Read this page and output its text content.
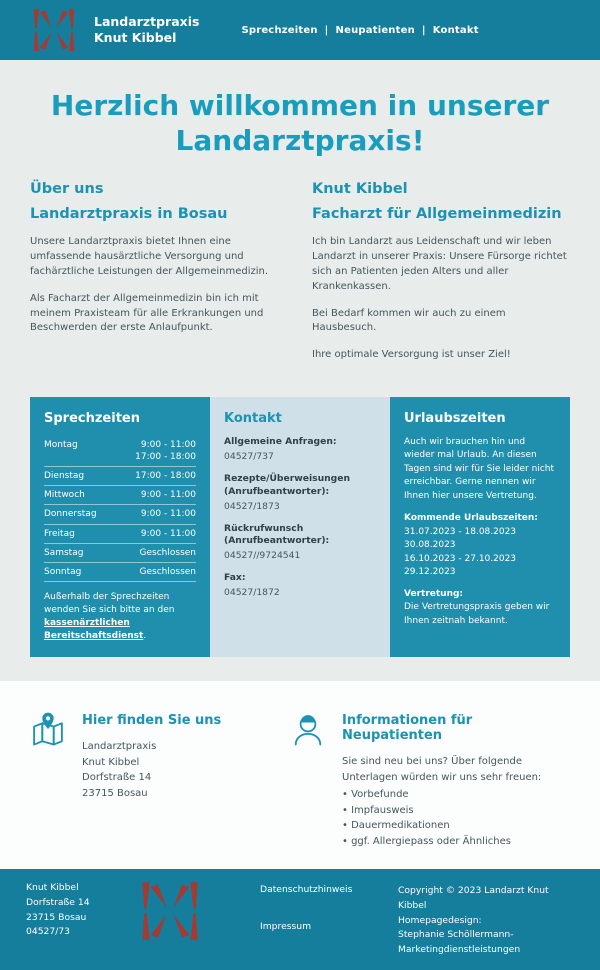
Landarztpraxis
Knut Kibbel	Sprechzeiten | Neupatienten | Kontakt
Herzlich willkommen in unserer
Landarztpraxis!
Über uns
Landarztpraxis in Bosau

Unsere Landarztpraxis bietet Ihnen eine umfassende hausärztliche Versorgung und fachärztliche Leistungen der Allgemeinmedizin.

Als Facharzt der Allgemeinmedizin bin ich mit meinem Praxisteam für alle Erkrankungen und Beschwerden der erste Anlaufpunkt.

Knut Kibbel
Facharzt für Allgemeinmedizin

Ich bin Landarzt aus Leidenschaft und wir leben Landarzt in unserer Praxis: Unsere Fürsorge richtet sich an Patienten jeden Alters und aller Krankenkassen.

Bei Bedarf kommen wir auch zu einem Hausbesuch.

Ihre optimale Versorgung ist unser Ziel!

Sprechzeiten
Montag	9:00 - 11:00
17:00 - 18:00
Dienstag	17:00 - 18:00
Mittwoch	9:00 - 11:00
Donnerstag	9:00 - 11:00
Freitag	9:00 - 11:00
Samstag	Geschlossen
Sonntag	Geschlossen
Außerhalb der Sprechzeiten wenden Sie sich bitte an den kassenärztlichen Bereitschaftsdienst.
Kontakt
Allgemeine Anfragen:
04527/737
Rezepte/Überweisungen (Anrufbeantworter):
04527/1873
Rückrufwunsch (Anrufbeantworter):
04527//9724541
Fax:
04527/1872
Urlaubszeiten
Auch wir brauchen hin und wieder mal Urlaub. An diesen Tagen sind wir für Sie leider nicht erreichbar. Gerne nennen wir Ihnen hier unsere Vertretung.
Kommende Urlaubszeiten:
31.07.2023 - 18.08.2023
30.08.2023
16.10.2023 - 27.10.2023
29.12.2023
Vertretung:
Die Vertretungspraxis geben wir Ihnen zeitnah bekannt.
Hier finden Sie uns
Landarztpraxis
Knut Kibbel
Dorfstraße 14
23715 Bosau
Informationen für Neupatienten
Sie sind neu bei uns? Über folgende Unterlagen würden wir uns sehr freuen:
• Vorbefunde
• Impfausweis
• Dauermedikationen
• ggf. Allergiepass oder Ähnliches
Knut Kibbel
Dorfstraße 14
23715 Bosau
04527/73
Datenschutzhinweis
Impressum
Copyright © 2023 Landarzt Knut Kibbel
Homepagedesign:
Stephanie Schöllermann-
Marketingdienstleistungen
